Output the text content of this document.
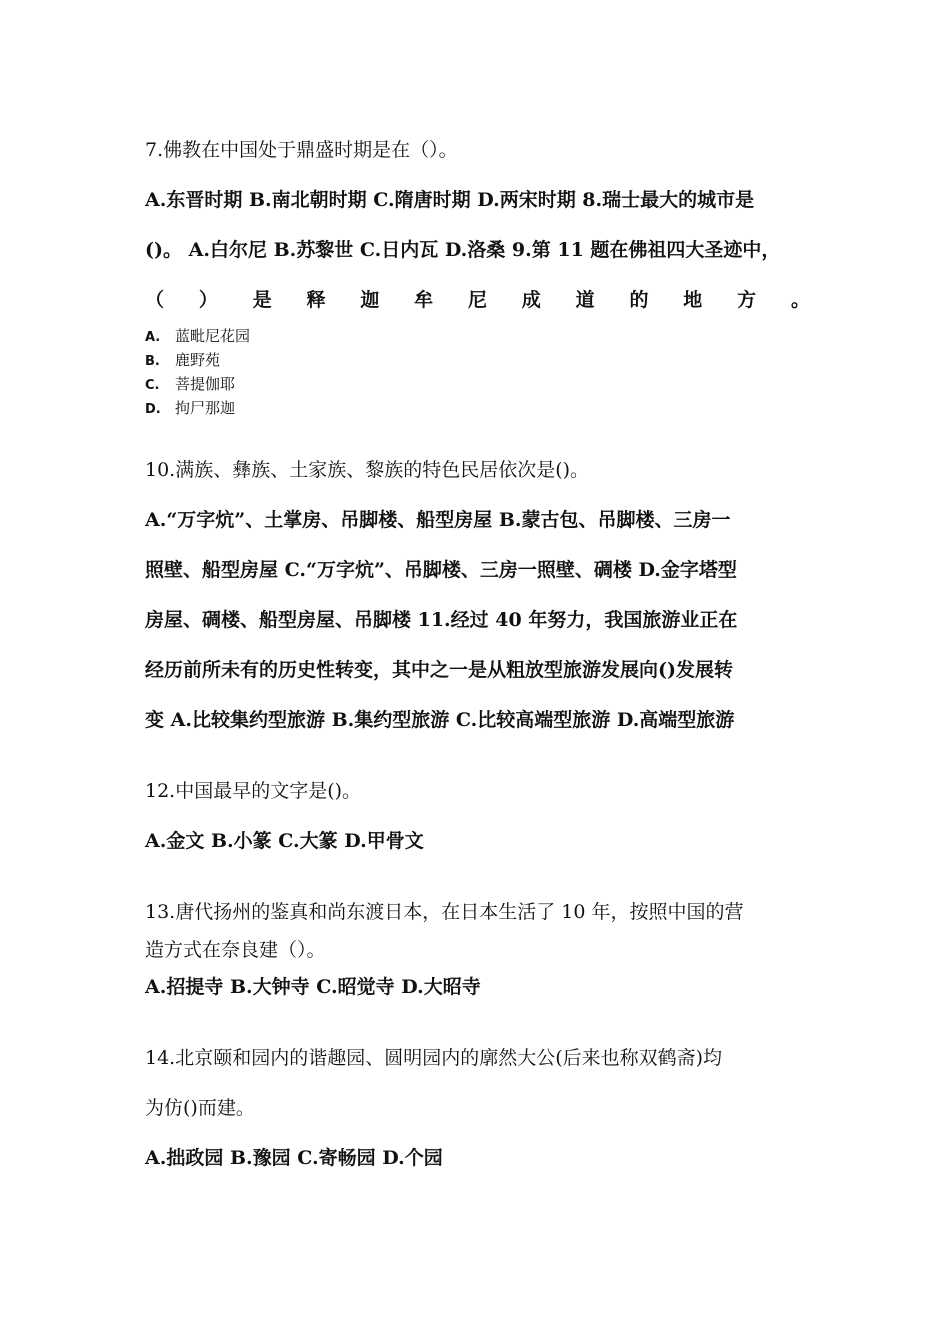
7.佛教在中国处于鼎盛时期是在（）。
A.东晋时期 B.南北朝时期 C.隋唐时期 D.两宋时期 8.瑞士最大的城市是
()。 A.白尔尼 B.苏黎世 C.日内瓦 D.洛桑 9.第 11 题在佛祖四大圣迹中，
（ ） 是 释 迦 牟 尼 成 道 的 地 方 。
A. 蓝毗尼花园
B. 鹿野苑
C. 菩提伽耶
D. 拘尸那迦
10.满族、彝族、土家族、黎族的特色民居依次是()。
A.“万字炕”、土掌房、吊脚楼、船型房屋 B.蒙古包、吊脚楼、三房一
照壁、船型房屋 C.“万字炕”、吊脚楼、三房一照壁、碉楼 D.金字塔型
房屋、碉楼、船型房屋、吊脚楼 11.经过 40 年努力，我国旅游业正在
经历前所未有的历史性转变，其中之一是从粗放型旅游发展向()发展转
变 A.比较集约型旅游 B.集约型旅游 C.比较高端型旅游 D.高端型旅游
12.中国最早的文字是()。
A.金文 B.小篆 C.大篆 D.甲骨文
13.唐代扬州的鉴真和尚东渡日本，在日本生活了 10 年，按照中国的营
造方式在奈良建（）。
A.招提寺 B.大钟寺 C.昭觉寺 D.大昭寺
14.北京颐和园内的谐趣园、圆明园内的廓然大公(后来也称双鹤斋)均
为仿()而建。
A.拙政园 B.豫园 C.寄畅园 D.个园
